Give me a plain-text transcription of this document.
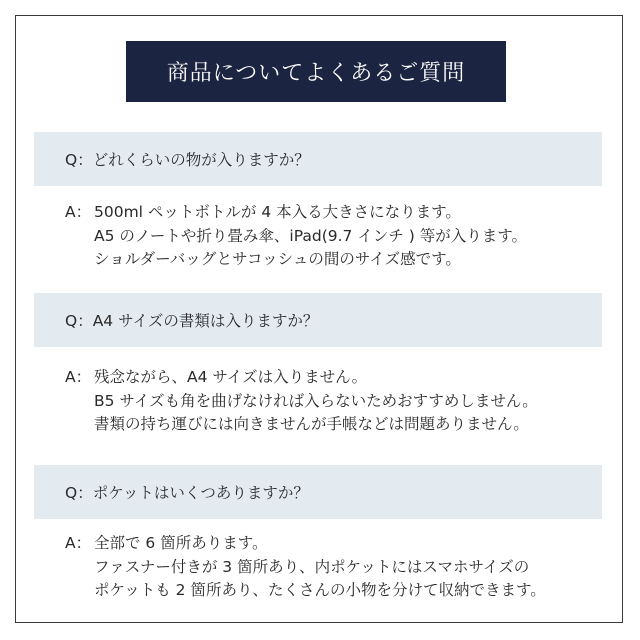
商品についてよくあるご質問
Q： どれくらいの物が入りますか？
A： 500ml ペットボトルが 4 本入る大きさになります。
A5 のノートや折り畳み傘、iPad(9.7 インチ ) 等が入ります。
ショルダーバッグとサコッシュの間のサイズ感です。
Q： A4 サイズの書類は入りますか？
A： 残念ながら、A4 サイズは入りません。
B5 サイズも角を曲げなければ入らないためおすすめしません。
書類の持ち運びには向きませんが手帳などは問題ありません。
Q： ポケットはいくつありますか？
A： 全部で 6 箇所あります。
ファスナー付きが 3 箇所あり、内ポケットにはスマホサイズの
ポケットも 2 箇所あり、たくさんの小物を分けて収納できます。
